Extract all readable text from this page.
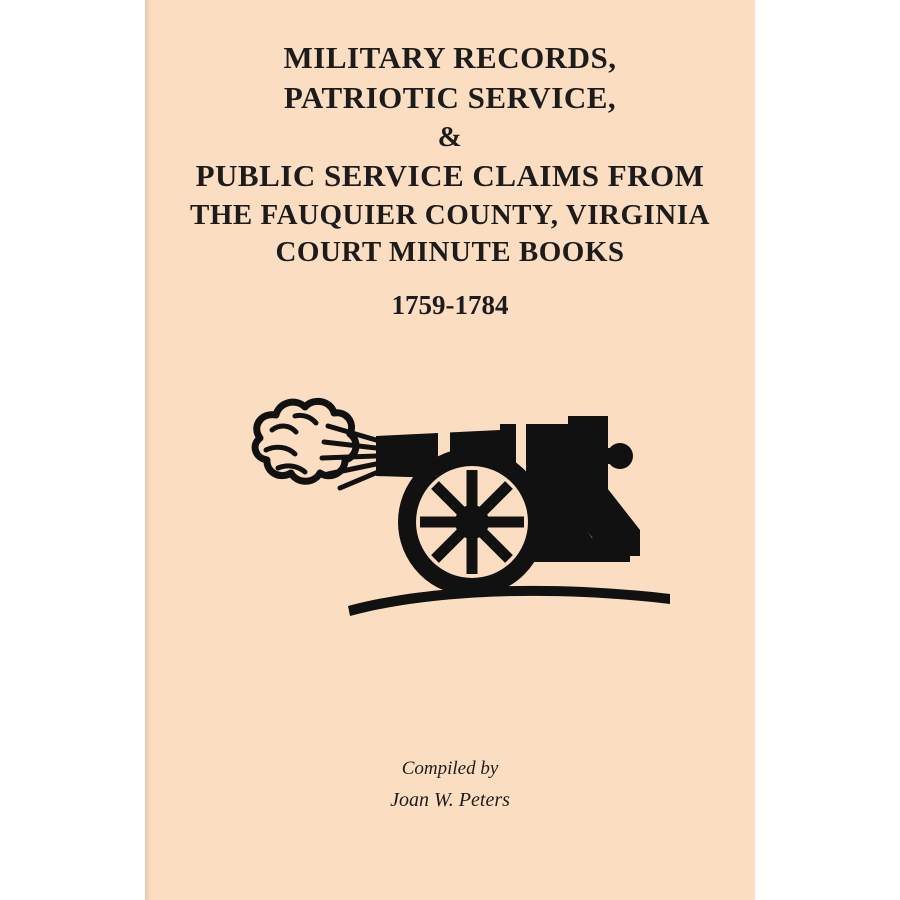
MILITARY RECORDS,
PATRIOTIC SERVICE,
&
PUBLIC SERVICE CLAIMS FROM
THE FAUQUIER COUNTY, VIRGINIA
COURT MINUTE BOOKS
1759-1784
Compiled by
Joan W. Peters
